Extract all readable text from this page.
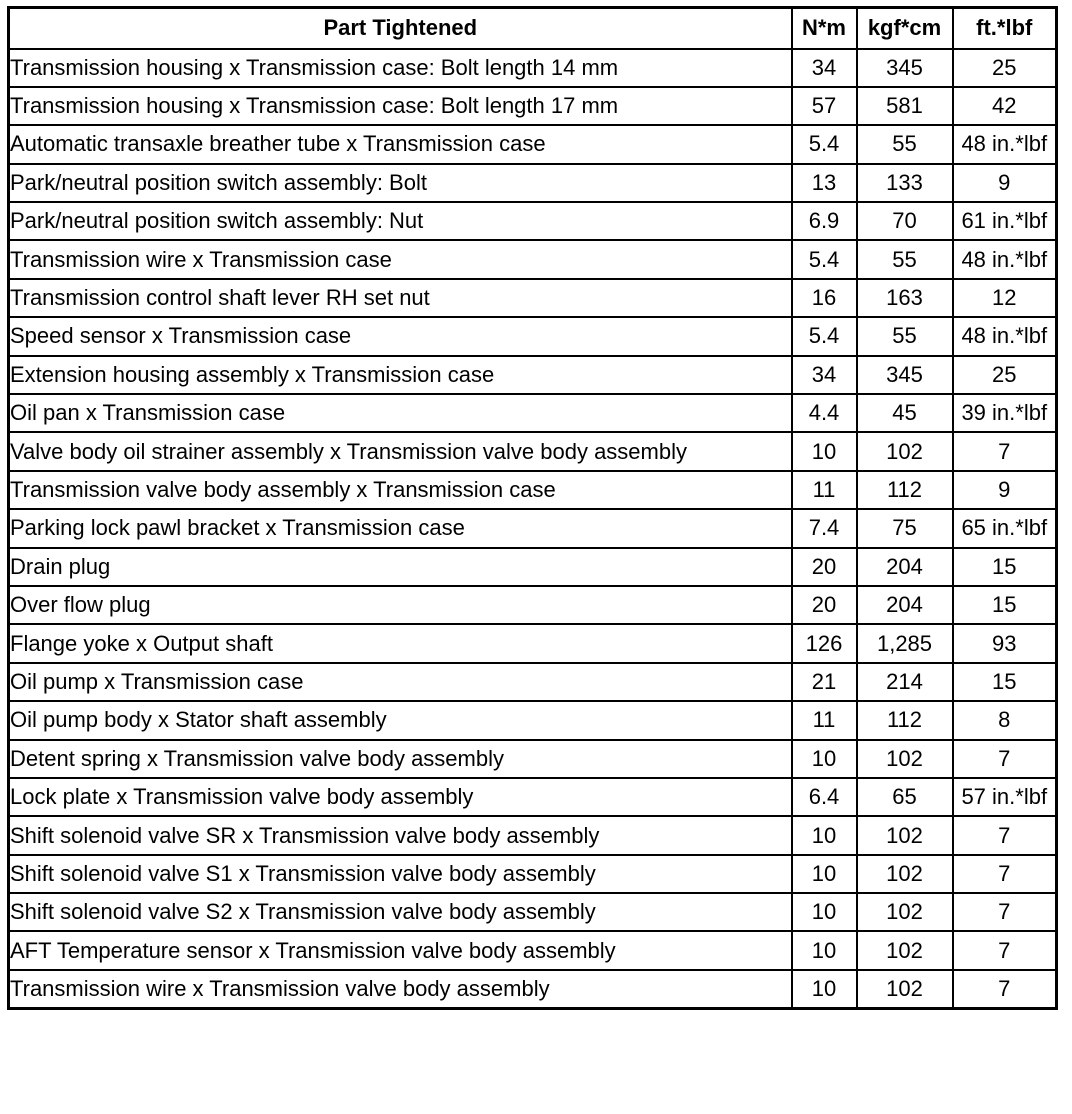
Part Tightened	N*m	kgf*cm	ft.*lbf
Transmission housing x Transmission case: Bolt length 14 mm	34	345	25
Transmission housing x Transmission case: Bolt length 17 mm	57	581	42
Automatic transaxle breather tube x Transmission case	5.4	55	48 in.*lbf
Park/neutral position switch assembly: Bolt	13	133	9
Park/neutral position switch assembly: Nut	6.9	70	61 in.*lbf
Transmission wire x Transmission case	5.4	55	48 in.*lbf
Transmission control shaft lever RH set nut	16	163	12
Speed sensor x Transmission case	5.4	55	48 in.*lbf
Extension housing assembly x Transmission case	34	345	25
Oil pan x Transmission case	4.4	45	39 in.*lbf
Valve body oil strainer assembly x Transmission valve body assembly	10	102	7
Transmission valve body assembly x Transmission case	11	112	9
Parking lock pawl bracket x Transmission case	7.4	75	65 in.*lbf
Drain plug	20	204	15
Over flow plug	20	204	15
Flange yoke x Output shaft	126	1,285	93
Oil pump x Transmission case	21	214	15
Oil pump body x Stator shaft assembly	11	112	8
Detent spring x Transmission valve body assembly	10	102	7
Lock plate x Transmission valve body assembly	6.4	65	57 in.*lbf
Shift solenoid valve SR x Transmission valve body assembly	10	102	7
Shift solenoid valve S1 x Transmission valve body assembly	10	102	7
Shift solenoid valve S2 x Transmission valve body assembly	10	102	7
AFT Temperature sensor x Transmission valve body assembly	10	102	7
Transmission wire x Transmission valve body assembly	10	102	7
